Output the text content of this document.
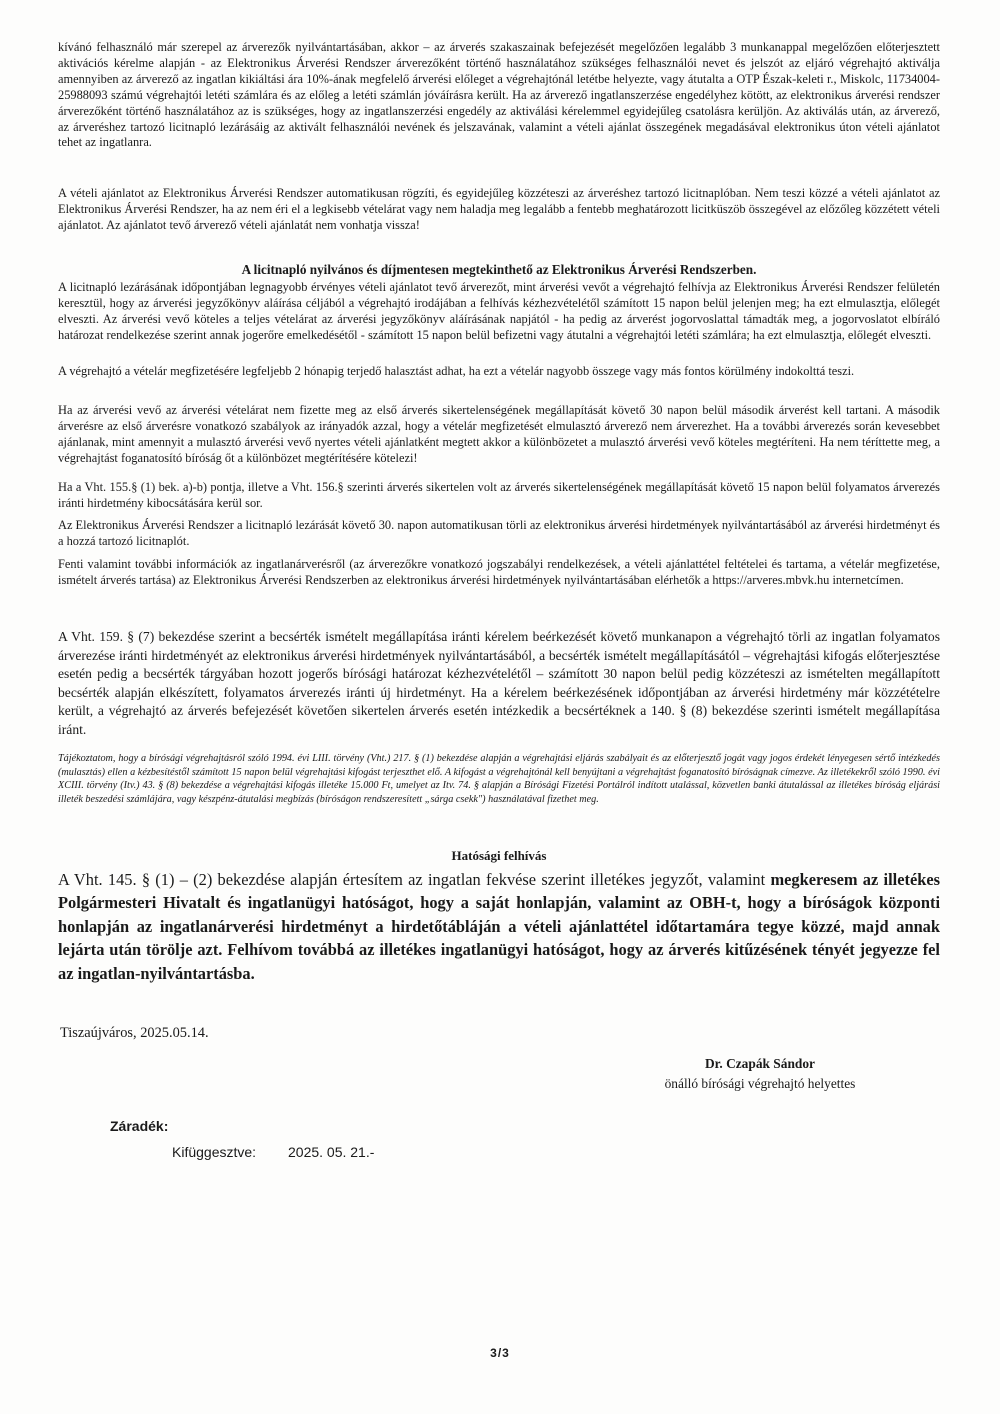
kívánó felhasználó már szerepel az árverezők nyilvántartásában, akkor – az árverés szakaszainak befejezését megelőzően legalább 3 munkanappal megelőzően előterjesztett aktivációs kérelme alapján - az Elektronikus Árverési Rendszer árverezőként történő használatához szükséges felhasználói nevet és jelszót az eljáró végrehajtó aktiválja amennyiben az árverező az ingatlan kikiáltási ára 10%-ának megfelelő árverési előleget a végrehajtónál letétbe helyezte, vagy átutalta a OTP Észak-keleti r., Miskolc, 11734004-25988093 számú végrehajtói letéti számlára és az előleg a letéti számlán jóváírásra került. Ha az árverező ingatlanszerzése engedélyhez kötött, az elektronikus árverési rendszer árverezőként történő használatához az is szükséges, hogy az ingatlanszerzési engedély az aktiválási kérelemmel egyidejűleg csatolásra kerüljön. Az aktiválás után, az árverező, az árveréshez tartozó licitnapló lezárásáig az aktivált felhasználói nevének és jelszavának, valamint a vételi ajánlat összegének megadásával elektronikus úton vételi ajánlatot tehet az ingatlanra.

A vételi ajánlatot az Elektronikus Árverési Rendszer automatikusan rögzíti, és egyidejűleg közzéteszi az árveréshez tartozó licitnaplóban. Nem teszi közzé a vételi ajánlatot az Elektronikus Árverési Rendszer, ha az nem éri el a legkisebb vételárat vagy nem haladja meg legalább a fentebb meghatározott licitküszöb összegével az előzőleg közzétett vételi ajánlatot. Az ajánlatot tevő árverező vételi ajánlatát nem vonhatja vissza!

A licitnapló nyilvános és díjmentesen megtekinthető az Elektronikus Árverési Rendszerben.

A licitnapló lezárásának időpontjában legnagyobb érvényes vételi ajánlatot tevő árverezőt, mint árverési vevőt a végrehajtó felhívja az Elektronikus Árverési Rendszer felületén keresztül, hogy az árverési jegyzőkönyv aláírása céljából a végrehajtó irodájában a felhívás kézhezvételétől számított 15 napon belül jelenjen meg; ha ezt elmulasztja, előlegét elveszti. Az árverési vevő köteles a teljes vételárat az árverési jegyzőkönyv aláírásának napjától - ha pedig az árverést jogorvoslattal támadták meg, a jogorvoslatot elbíráló határozat rendelkezése szerint annak jogerőre emelkedésétől - számított 15 napon belül befizetni vagy átutalni a végrehajtói letéti számlára; ha ezt elmulasztja, előlegét elveszti.

A végrehajtó a vételár megfizetésére legfeljebb 2 hónapig terjedő halasztást adhat, ha ezt a vételár nagyobb összege vagy más fontos körülmény indokolttá teszi.

Ha az árverési vevő az árverési vételárat nem fizette meg az első árverés sikertelenségének megállapítását követő 30 napon belül második árverést kell tartani. A második árverésre az első árverésre vonatkozó szabályok az irányadók azzal, hogy a vételár megfizetését elmulasztó árverező nem árverezhet. Ha a további árverezés során kevesebbet ajánlanak, mint amennyit a mulasztó árverési vevő nyertes vételi ajánlatként megtett akkor a különbözetet a mulasztó árverési vevő köteles megtéríteni. Ha nem téríttette meg, a végrehajtást foganatosító bíróság őt a különbözet megtérítésére kötelezi!

Ha a Vht. 155.§ (1) bek. a)-b) pontja, illetve a Vht. 156.§ szerinti árverés sikertelen volt az árverés sikertelenségének megállapítását követő 15 napon belül folyamatos árverezés iránti hirdetmény kibocsátására kerül sor.

Az Elektronikus Árverési Rendszer a licitnapló lezárását követő 30. napon automatikusan törli az elektronikus árverési hirdetmények nyilvántartásából az árverési hirdetményt és a hozzá tartozó licitnaplót.

Fenti valamint további információk az ingatlanárverésről (az árverezőkre vonatkozó jogszabályi rendelkezések, a vételi ajánlattétel feltételei és tartama, a vételár megfizetése, ismételt árverés tartása) az Elektronikus Árverési Rendszerben az elektronikus árverési hirdetmények nyilvántartásában elérhetők a https://arveres.mbvk.hu internetcímen.

A Vht. 159. § (7) bekezdése szerint a becsérték ismételt megállapítása iránti kérelem beérkezését követő munkanapon a végrehajtó törli az ingatlan folyamatos árverezése iránti hirdetményét az elektronikus árverési hirdetmények nyilvántartásából, a becsérték ismételt megállapításától – végrehajtási kifogás előterjesztése esetén pedig a becsérték tárgyában hozott jogerős bírósági határozat kézhezvételétől – számított 30 napon belül pedig közzéteszi az ismételten megállapított becsérték alapján elkészített, folyamatos árverezés iránti új hirdetményt. Ha a kérelem beérkezésének időpontjában az árverési hirdetmény már közzétételre került, a végrehajtó az árverés befejezését követően sikertelen árverés esetén intézkedik a becsértéknek a 140. § (8) bekezdése szerinti ismételt megállapítása iránt.

Tájékoztatom, hogy a bírósági végrehajtásról szóló 1994. évi LIII. törvény (Vht.) 217. § (1) bekezdése alapján a végrehajtási eljárás szabályait és az előterjesztő jogát vagy jogos érdekét lényegesen sértő intézkedés (mulasztás) ellen a kézbesítéstől számított 15 napon belül végrehajtási kifogást terjeszthet elő. A kifogást a végrehajtónál kell benyújtani a végrehajtást foganatosító bíróságnak címezve. Az illetékekről szóló 1990. évi XCIII. törvény (Itv.) 43. § (8) bekezdése a végrehajtási kifogás illetéke 15.000 Ft, umelyet az Itv. 74. § alapján a Bírósági Fizetési Portálról indított utalással, közvetlen banki átutalással az illetékes bíróság eljárási illeték beszedési számlájára, vagy készpénz-átutalási megbízás (bíróságon rendszeresített „sárga csekk") használatával fizethet meg.

Hatósági felhívás

A Vht. 145. § (1) – (2) bekezdése alapján értesítem az ingatlan fekvése szerint illetékes jegyzőt, valamint megkeresem az illetékes Polgármesteri Hivatalt és ingatlanügyi hatóságot, hogy a saját honlapján, valamint az OBH-t, hogy a bíróságok központi honlapján az ingatlanárverési hirdetményt a hirdetőtábláján a vételi ajánlattétel időtartamára tegye közzé, majd annak lejárta után törölje azt. Felhívom továbbá az illetékes ingatlanügyi hatóságot, hogy az árverés kitűzésének tényét jegyezze fel az ingatlan-nyilvántartásba.

Tiszaújváros, 2025.05.14.

Dr. Czapák Sándor

önálló bírósági végrehajtó helyettes

Záradék:

Kifüggesztve: 2025. 05. 21.-

3/3
